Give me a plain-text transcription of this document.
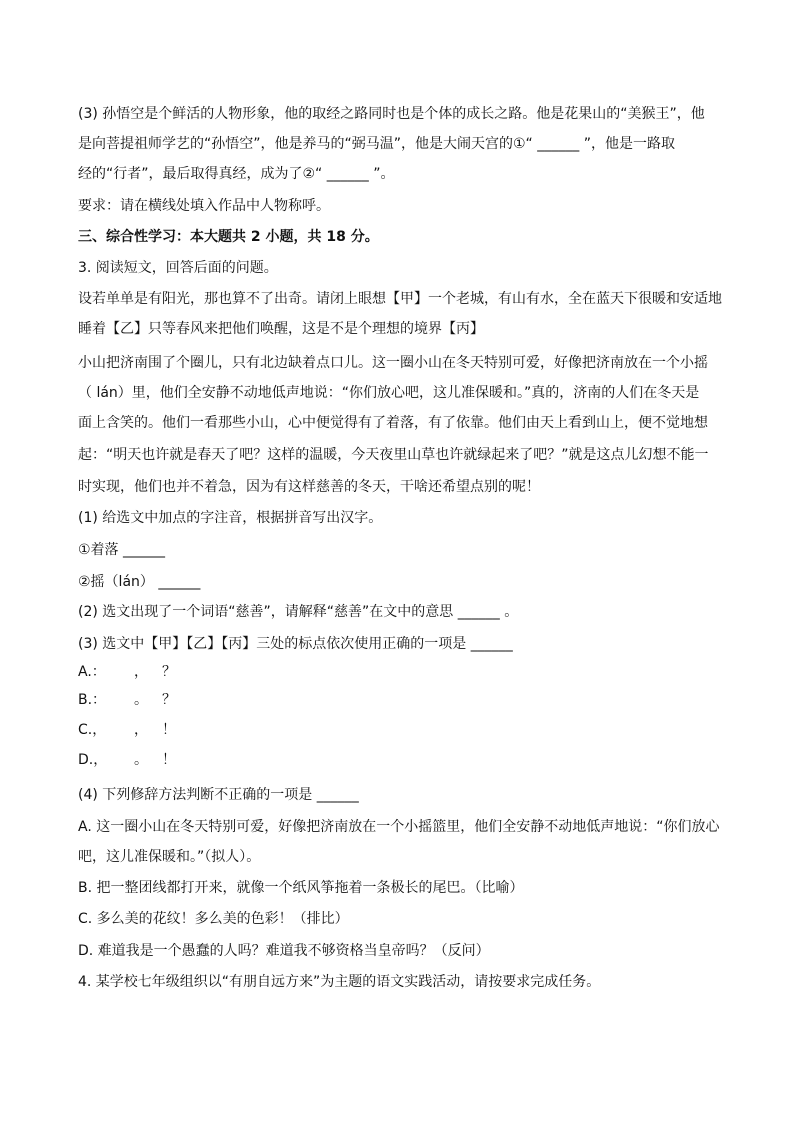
(3) 孙悟空是个鲜活的人物形象，他的取经之路同时也是个体的成长之路。他是花果山的“美猴王”，他
是向菩提祖师学艺的“孙悟空”，他是养马的“弼马温”，他是大闹天宫的①“ ______ ”，他是一路取
经的“行者”，最后取得真经，成为了②“ ______ ”。
要求：请在横线处填入作品中人物称呼。
三、综合性学习：本大题共 2 小题，共 18 分。
3. 阅读短文，回答后面的问题。
设若单单是有阳光，那也算不了出奇。请闭上眼想【甲】一个老城，有山有水，全在蓝天下很暖和安适地
睡着【乙】只等春风来把他们唤醒，这是不是个理想的境界【丙】
小山把济南围了个圈儿，只有北边缺着点口儿。这一圈小山在冬天特别可爱，好像把济南放在一个小摇
（ lán）里，他们全安静不动地低声地说：“你们放心吧，这儿准保暖和。”真的，济南的人们在冬天是
面上含笑的。他们一看那些小山，心中便觉得有了着落，有了依靠。他们由天上看到山上，便不觉地想
起：“明天也许就是春天了吧？这样的温暖，今天夜里山草也许就绿起来了吧？”就是这点儿幻想不能一
时实现，他们也并不着急，因为有这样慈善的冬天，干啥还希望点别的呢！
(1) 给选文中加点的字注音，根据拼音写出汉字。
①着落 ______
②摇（lán） ______
(2) 选文出现了一个词语“慈善”，请解释“慈善”在文中的意思 ______ 。
(3) 选文中【甲】【乙】【丙】三处的标点依次使用正确的一项是 ______
A.： ， ？
B.： 。 ？
C.， ， ！
D.， 。 ！
(4) 下列修辞方法判断不正确的一项是 ______
A. 这一圈小山在冬天特别可爱，好像把济南放在一个小摇篮里，他们全安静不动地低声地说：“你们放心
吧，这儿准保暖和。”（拟人）。
B. 把一整团线都打开来，就像一个纸风筝拖着一条极长的尾巴。（比喻）
C. 多么美的花纹！多么美的色彩！（排比）
D. 难道我是一个愚蠢的人吗？难道我不够资格当皇帝吗？（反问）
4. 某学校七年级组织以“有朋自远方来”为主题的语文实践活动，请按要求完成任务。
